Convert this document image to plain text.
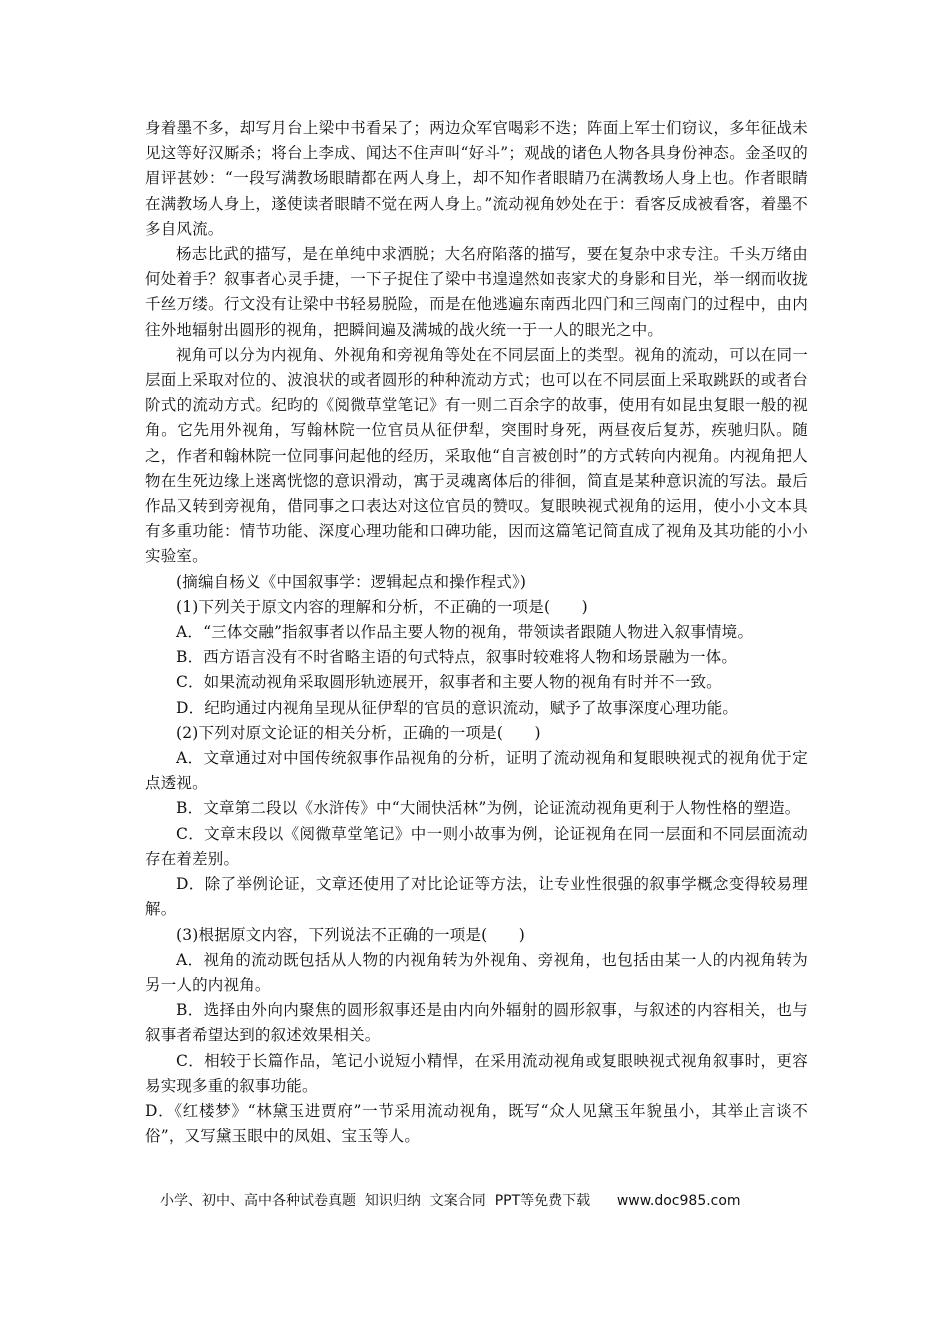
身着墨不多，却写月台上梁中书看呆了；两边众军官喝彩不迭；阵面上军士们窃议，多年征战未见这等好汉厮杀；将台上李成、闻达不住声叫“好斗”；观战的诸色人物各具身份神态。金圣叹的眉评甚妙：“一段写满教场眼睛都在两人身上，却不知作者眼睛乃在满教场人身上也。作者眼睛在满教场人身上，遂使读者眼睛不觉在两人身上。”流动视角妙处在于：看客反成被看客，着墨不多自风流。

杨志比武的描写，是在单纯中求洒脱；大名府陷落的描写，要在复杂中求专注。千头万绪由何处着手？叙事者心灵手捷，一下子捉住了梁中书遑遑然如丧家犬的身影和目光，举一纲而收拢千丝万缕。行文没有让梁中书轻易脱险，而是在他逃遍东南西北四门和三闯南门的过程中，由内往外地辐射出圆形的视角，把瞬间遍及满城的战火统一于一人的眼光之中。

视角可以分为内视角、外视角和旁视角等处在不同层面上的类型。视角的流动，可以在同一层面上采取对位的、波浪状的或者圆形的种种流动方式；也可以在不同层面上采取跳跃的或者台阶式的流动方式。纪昀的《阅微草堂笔记》有一则二百余字的故事，使用有如昆虫复眼一般的视角。它先用外视角，写翰林院一位官员从征伊犁，突围时身死，两昼夜后复苏，疾驰归队。随之，作者和翰林院一位同事问起他的经历，采取他“自言被创时”的方式转向内视角。内视角把人物在生死边缘上迷离恍惚的意识滑动，寓于灵魂离体后的徘徊，简直是某种意识流的写法。最后作品又转到旁视角，借同事之口表达对这位官员的赞叹。复眼映视式视角的运用，使小小文本具有多重功能：情节功能、深度心理功能和口碑功能，因而这篇笔记简直成了视角及其功能的小小实验室。

(摘编自杨义《中国叙事学：逻辑起点和操作程式》)

(1)下列关于原文内容的理解和分析，不正确的一项是(　　)

A．“三体交融”指叙事者以作品主要人物的视角，带领读者跟随人物进入叙事情境。

B．西方语言没有不时省略主语的句式特点，叙事时较难将人物和场景融为一体。

C．如果流动视角采取圆形轨迹展开，叙事者和主要人物的视角有时并不一致。

D．纪昀通过内视角呈现从征伊犁的官员的意识流动，赋予了故事深度心理功能。

(2)下列对原文论证的相关分析，正确的一项是(　　)

A．文章通过对中国传统叙事作品视角的分析，证明了流动视角和复眼映视式的视角优于定点透视。

B．文章第二段以《水浒传》中“大闹快活林”为例，论证流动视角更利于人物性格的塑造。

C．文章末段以《阅微草堂笔记》中一则小故事为例，论证视角在同一层面和不同层面流动存在着差别。

D．除了举例论证，文章还使用了对比论证等方法，让专业性很强的叙事学概念变得较易理解。

(3)根据原文内容，下列说法不正确的一项是(　　)

A．视角的流动既包括从人物的内视角转为外视角、旁视角，也包括由某一人的内视角转为另一人的内视角。

B．选择由外向内聚焦的圆形叙事还是由内向外辐射的圆形叙事，与叙述的内容相关，也与叙事者希望达到的叙述效果相关。

C．相较于长篇作品，笔记小说短小精悍，在采用流动视角或复眼映视式视角叙事时，更容易实现多重的叙事功能。

D．《红楼梦》“林黛玉进贾府”一节采用流动视角，既写“众人见黛玉年貌虽小，其举止言谈不俗”，又写黛玉眼中的凤姐、宝玉等人。

小学、初中、高中各种试卷真题  知识归纳  文案合同  PPT等免费下载      www.doc985.com
